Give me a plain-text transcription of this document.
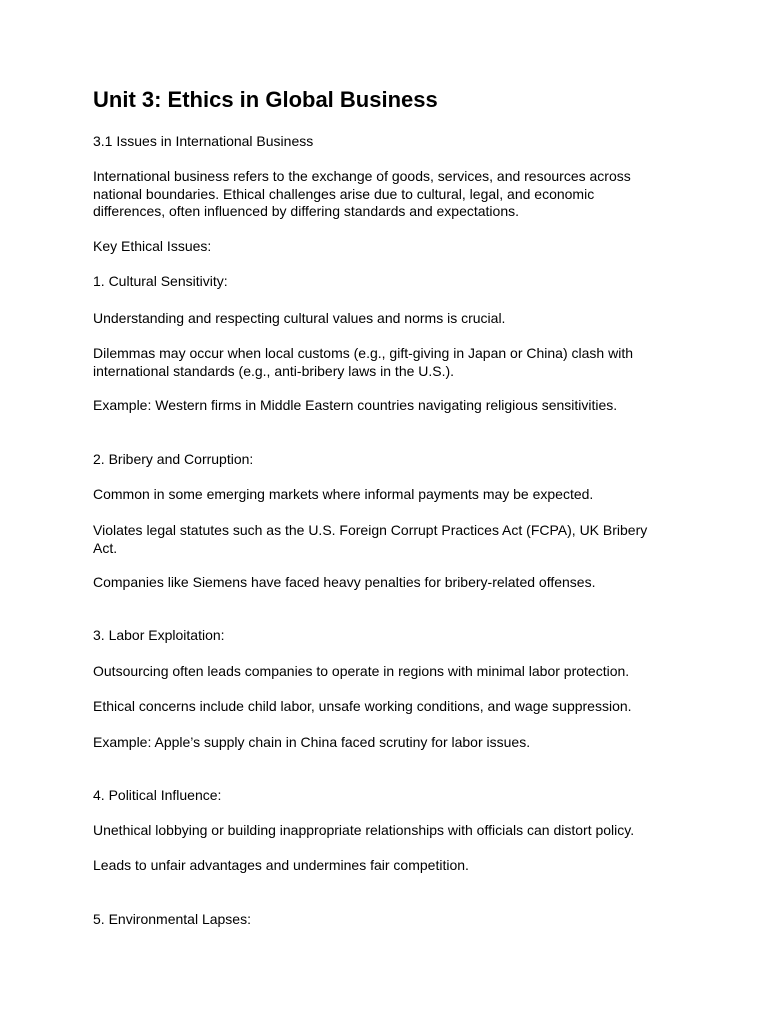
Unit 3: Ethics in Global Business

3.1 Issues in International Business

International business refers to the exchange of goods, services, and resources across national boundaries. Ethical challenges arise due to cultural, legal, and economic differences, often influenced by differing standards and expectations.

Key Ethical Issues:

1. Cultural Sensitivity:

Understanding and respecting cultural values and norms is crucial.

Dilemmas may occur when local customs (e.g., gift-giving in Japan or China) clash with international standards (e.g., anti-bribery laws in the U.S.).

Example: Western firms in Middle Eastern countries navigating religious sensitivities.

2. Bribery and Corruption:

Common in some emerging markets where informal payments may be expected.

Violates legal statutes such as the U.S. Foreign Corrupt Practices Act (FCPA), UK Bribery Act.

Companies like Siemens have faced heavy penalties for bribery-related offenses.

3. Labor Exploitation:

Outsourcing often leads companies to operate in regions with minimal labor protection.

Ethical concerns include child labor, unsafe working conditions, and wage suppression.

Example: Apple’s supply chain in China faced scrutiny for labor issues.

4. Political Influence:

Unethical lobbying or building inappropriate relationships with officials can distort policy.

Leads to unfair advantages and undermines fair competition.

5. Environmental Lapses:
